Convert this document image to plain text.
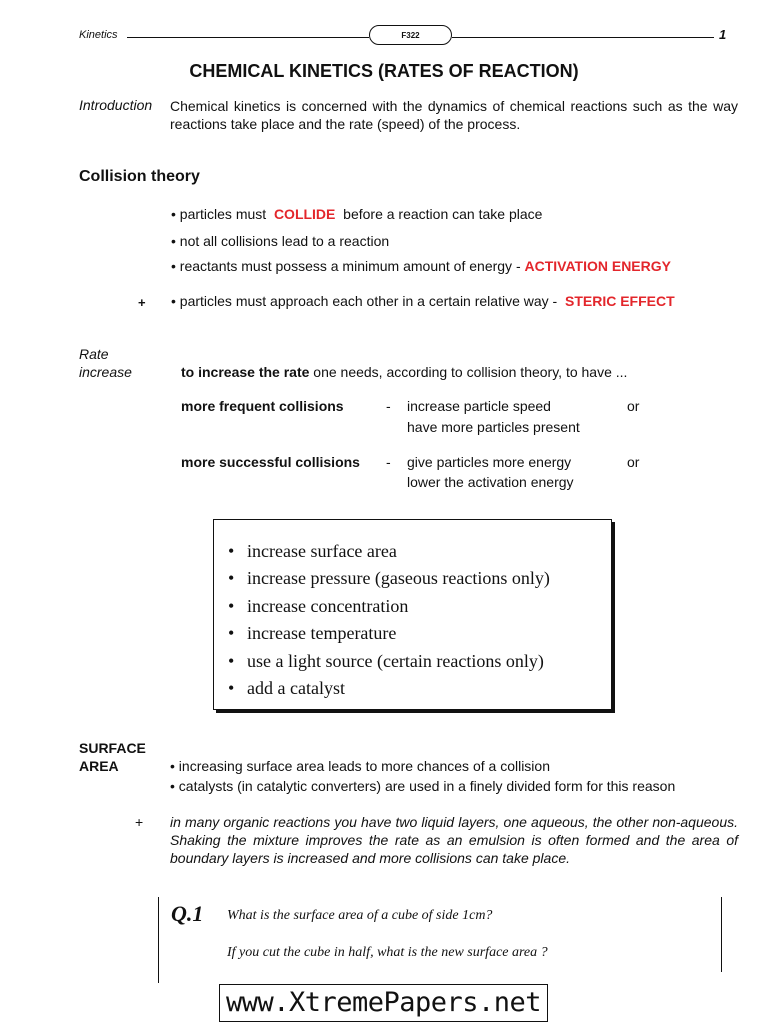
Kinetics	F322	1
CHEMICAL KINETICS (RATES OF REACTION)
Introduction Chemical kinetics is concerned with the dynamics of chemical reactions such as the way reactions take place and the rate (speed) of the process.
Collision theory
• particles must COLLIDE before a reaction can take place
• not all collisions lead to a reaction
• reactants must possess a minimum amount of energy - ACTIVATION ENERGY
+ • particles must approach each other in a certain relative way - STERIC EFFECT
Rate
increase	to increase the rate one needs, according to collision theory, to have ...
more frequent collisions	- increase particle speed
have more particles present
or
more successful collisions - give particles more energy
lower the activation energy
or
• increase surface area
• increase pressure (gaseous reactions only)
• increase concentration
• increase temperature
• use a light source (certain reactions only)
• add a catalyst
SURFACE
AREA	• increasing surface area leads to more chances of a collision
• catalysts (in catalytic converters) are used in a finely divided form for this reason
+ in many organic reactions you have two liquid layers, one aqueous, the other non-aqueous. Shaking the mixture improves the rate as an emulsion is often formed and the area of boundary layers is increased and more collisions can take place.
Q.1 What is the surface area of a cube of side 1cm?
If you cut the cube in half, what is the new surface area ?
www.XtremePapers.net
